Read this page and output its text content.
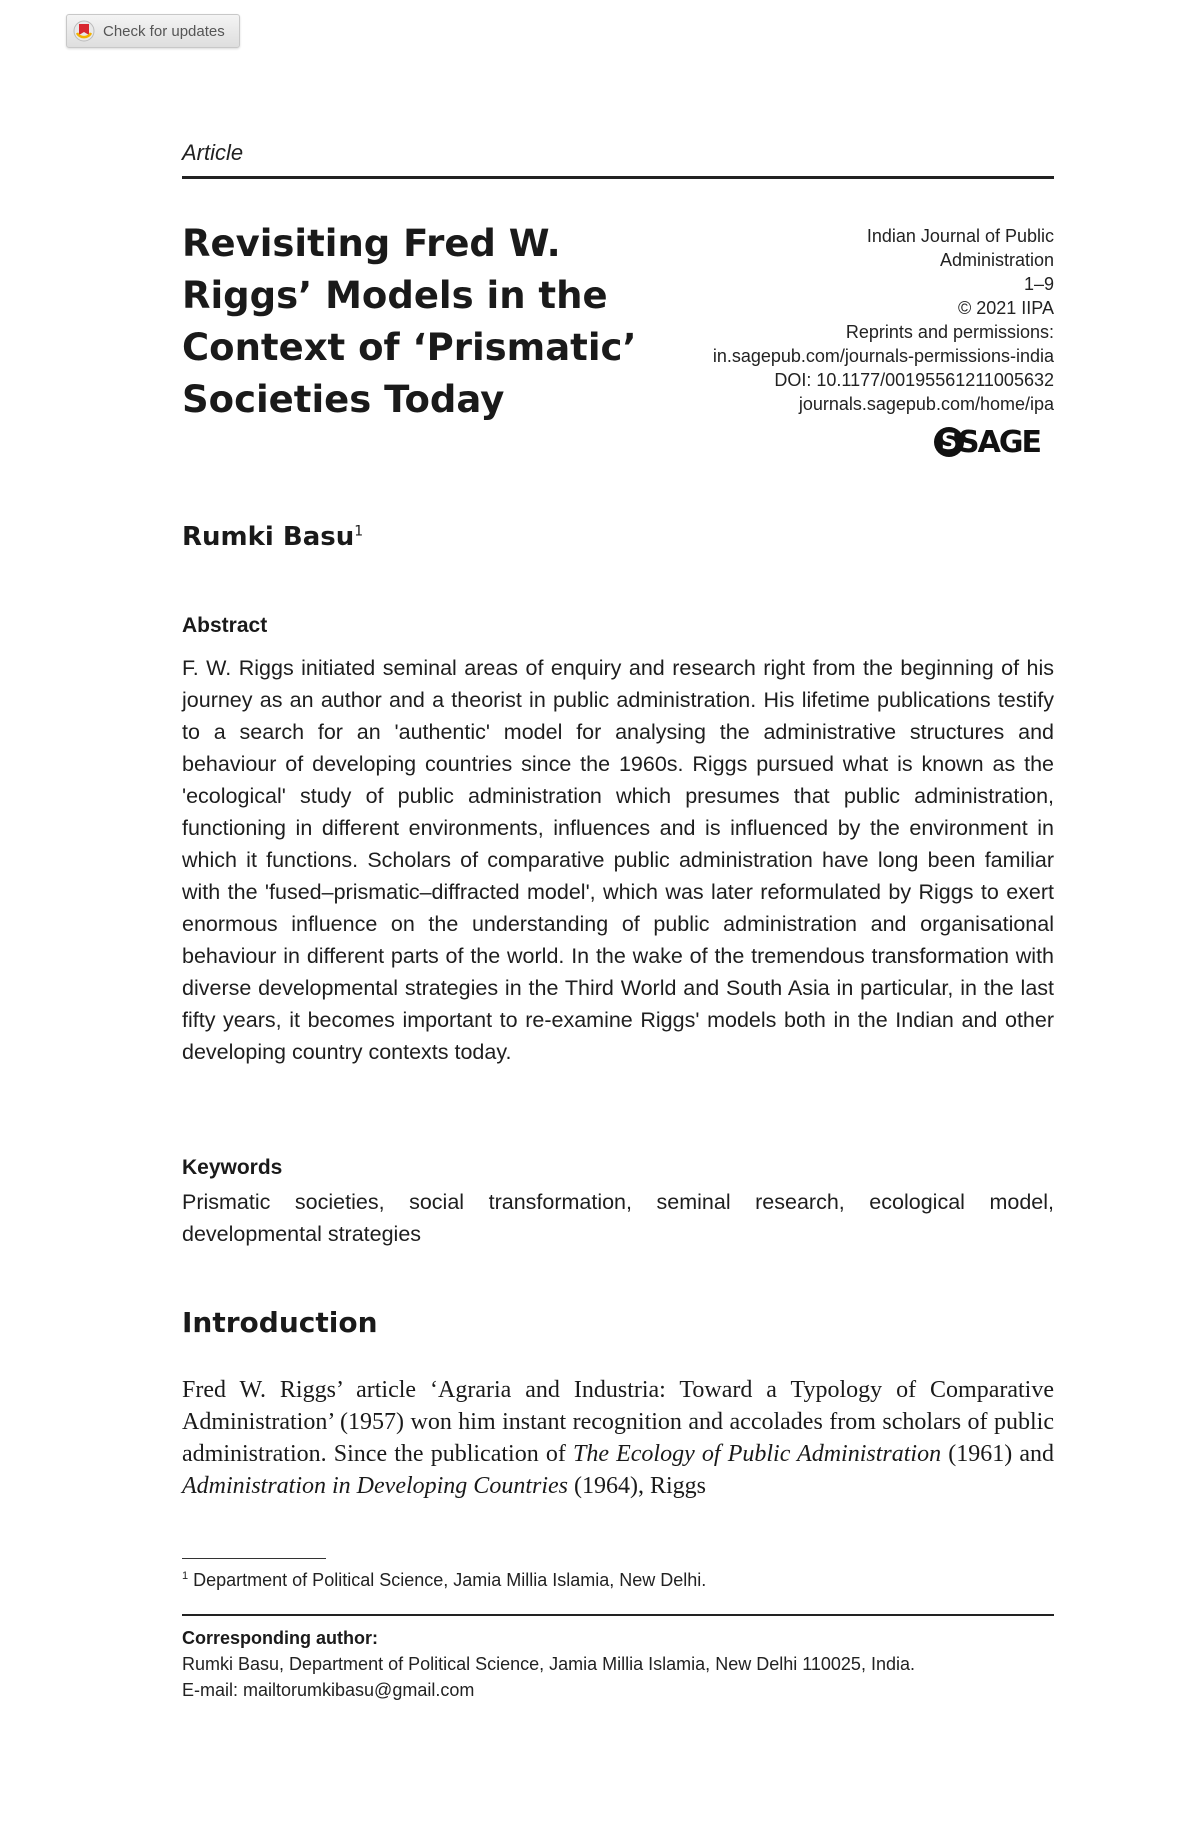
Check for updates
Article
Revisiting Fred W. Riggs’ Models in the Context of ‘Prismatic’ Societies Today
Indian Journal of Public
Administration
1–9
© 2021 IIPA
Reprints and permissions:
in.sagepub.com/journals-permissions-india
DOI: 10.1177/00195561211005632
journals.sagepub.com/home/ipa
S SAGE
Rumki Basu$^1$
Abstract

F. W. Riggs initiated seminal areas of enquiry and research right from the beginning of his journey as an author and a theorist in public administration. His lifetime publications testify to a search for an 'authentic' model for analysing the administrative structures and behaviour of developing countries since the 1960s. Riggs pursued what is known as the 'ecological' study of public administration which presumes that public administration, functioning in different environments, influences and is influenced by the environment in which it functions. Scholars of comparative public administration have long been familiar with the 'fused–prismatic–diffracted model', which was later reformulated by Riggs to exert enormous influence on the understanding of public administration and organisational behaviour in different parts of the world. In the wake of the tremendous transformation with diverse developmental strategies in the Third World and South Asia in particular, in the last fifty years, it becomes important to re-examine Riggs' models both in the Indian and other developing country contexts today.

Keywords

Prismatic societies, social transformation, seminal research, ecological model, developmental strategies

Introduction

Fred W. Riggs’ article ‘Agraria and Industria: Toward a Typology of Comparative Administration’ (1957) won him instant recognition and accolades from scholars of public administration. Since the publication of The Ecology of Public Administration (1961) and Administration in Developing Countries (1964), Riggs

$^1$ Department of Political Science, Jamia Millia Islamia, New Delhi.
Corresponding author:
Rumki Basu, Department of Political Science, Jamia Millia Islamia, New Delhi 110025, India.
E-mail: mailtorumkibasu@gmail.com
